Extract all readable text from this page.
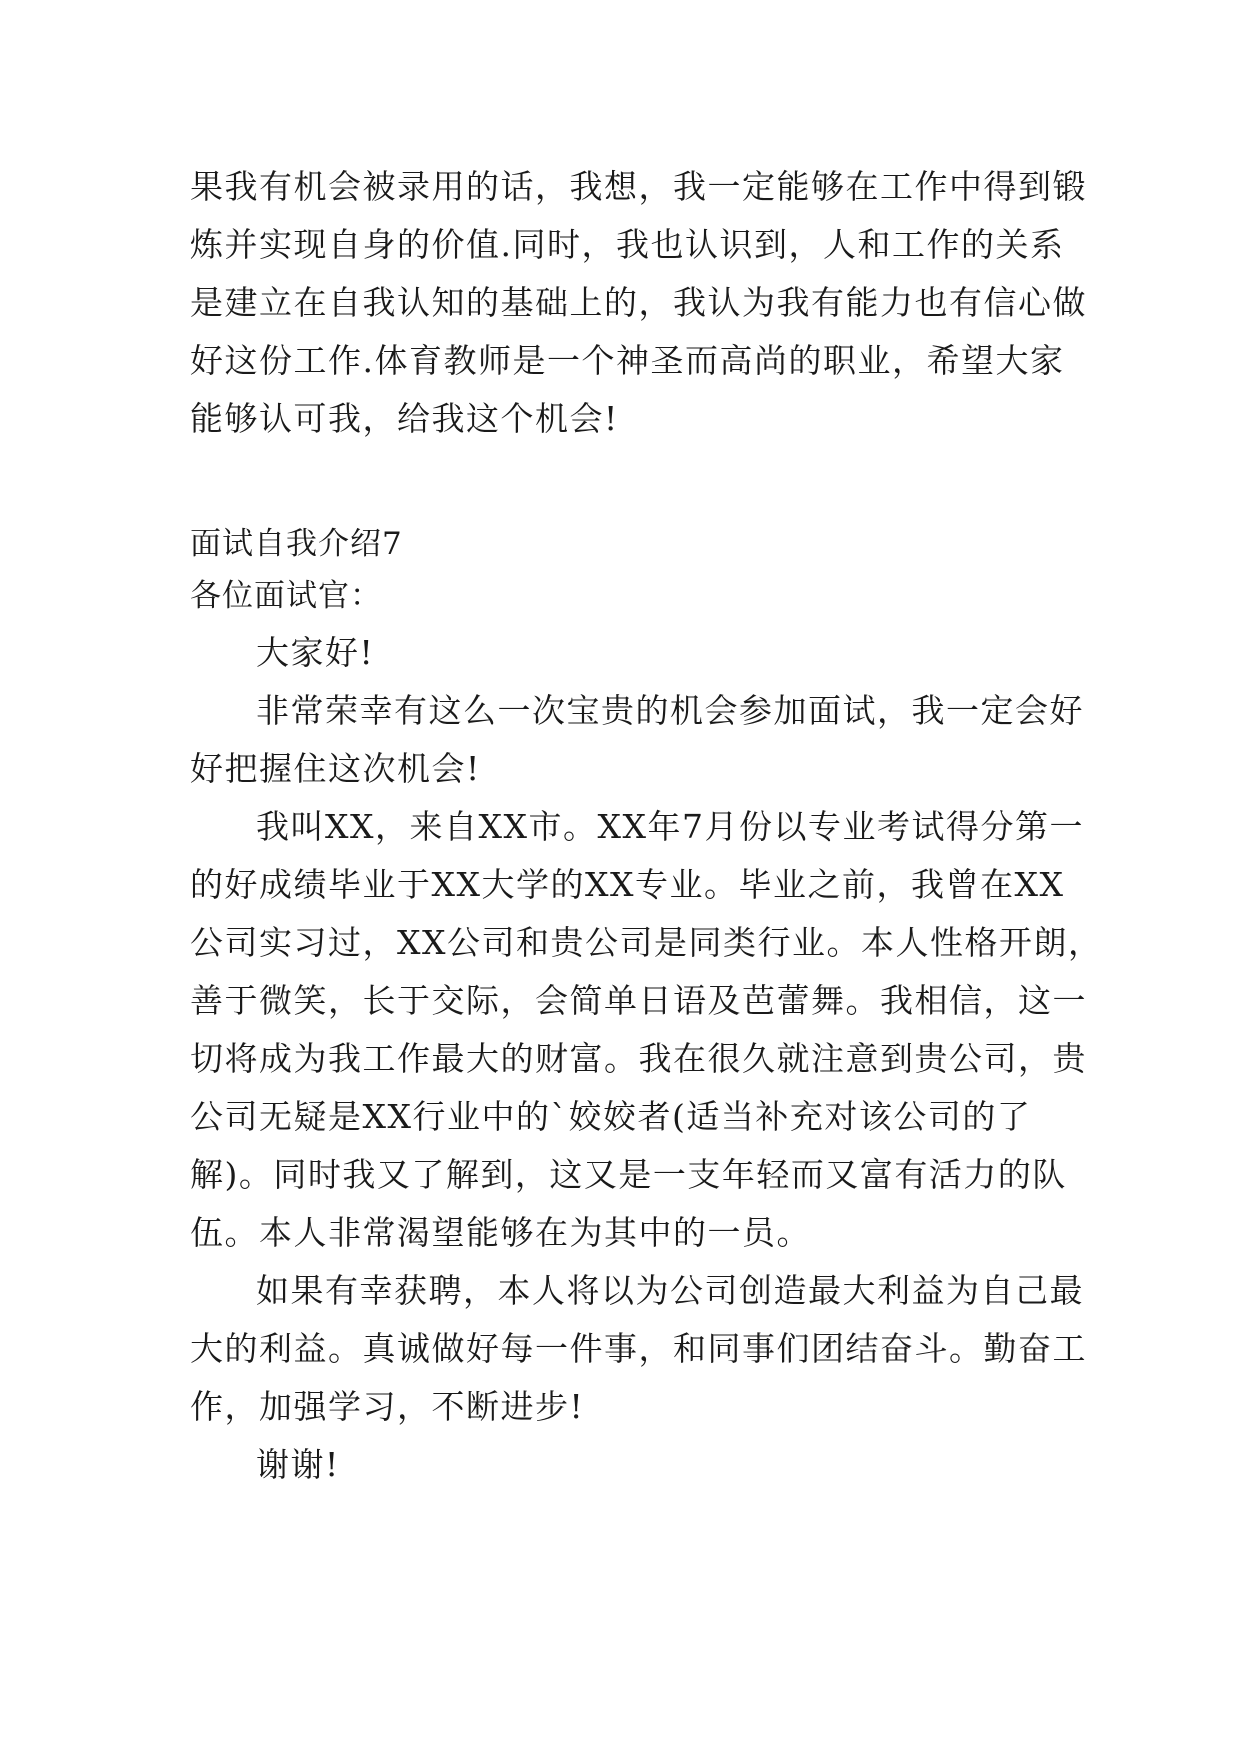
果我有机会被录用的话，我想，我一定能够在工作中得到锻
炼并实现自身的价值.同时，我也认识到，人和工作的关系
是建立在自我认知的基础上的，我认为我有能力也有信心做
好这份工作.体育教师是一个神圣而高尚的职业，希望大家
能够认可我，给我这个机会!
面试自我介绍7
各位面试官：
大家好!
非常荣幸有这么一次宝贵的机会参加面试，我一定会好
好把握住这次机会!
我叫XX，来自XX市。XX年7月份以专业考试得分第一
的好成绩毕业于XX大学的XX专业。毕业之前，我曾在XX
公司实习过，XX公司和贵公司是同类行业。本人性格开朗，
善于微笑，长于交际，会简单日语及芭蕾舞。我相信，这一
切将成为我工作最大的财富。我在很久就注意到贵公司，贵
公司无疑是XX行业中的`姣姣者(适当补充对该公司的了
解)。同时我又了解到，这又是一支年轻而又富有活力的队
伍。本人非常渴望能够在为其中的一员。
如果有幸获聘，本人将以为公司创造最大利益为自己最
大的利益。真诚做好每一件事，和同事们团结奋斗。勤奋工
作，加强学习，不断进步!
谢谢!
